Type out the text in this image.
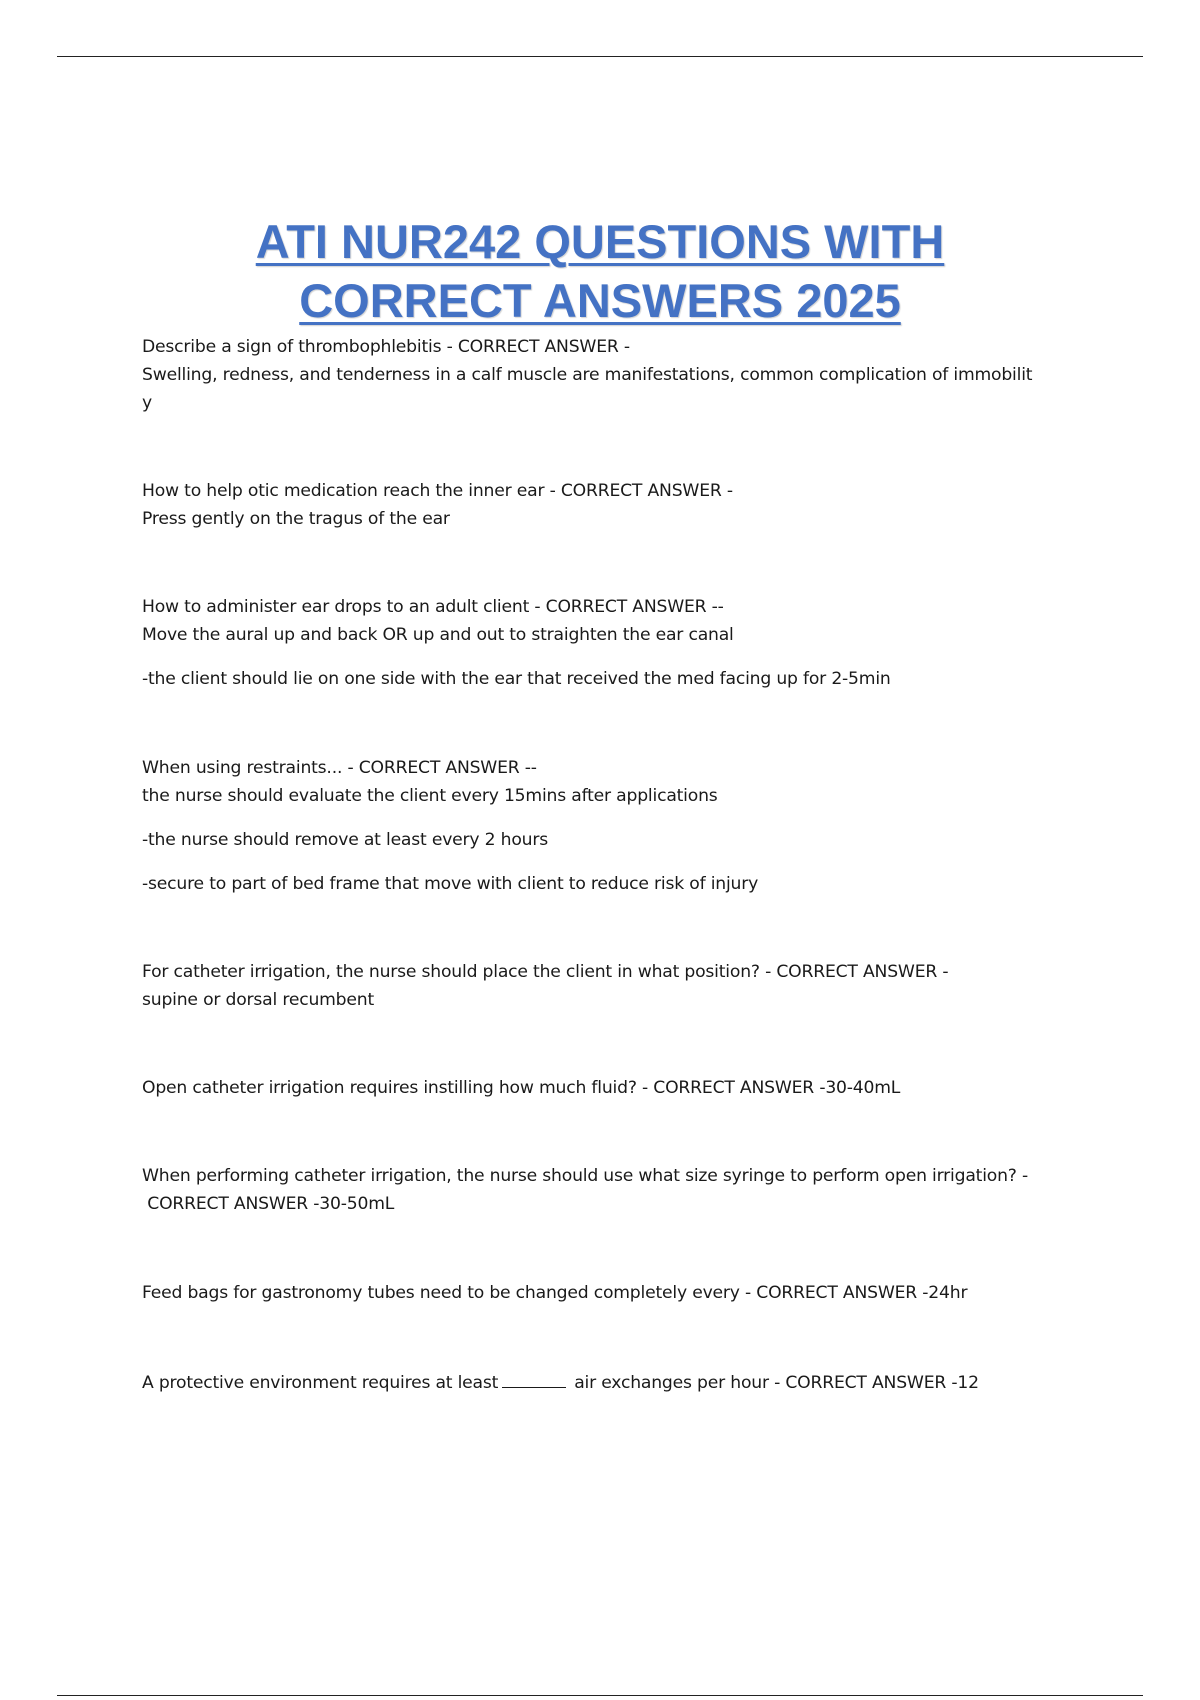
ATI NUR242 QUESTIONS WITH
CORRECT ANSWERS 2025
Describe a sign of thrombophlebitis - CORRECT ANSWER -
Swelling, redness, and tenderness in a calf muscle are manifestations, common complication of immobilit
y
How to help otic medication reach the inner ear - CORRECT ANSWER -
Press gently on the tragus of the ear
How to administer ear drops to an adult client - CORRECT ANSWER --
Move the aural up and back OR up and out to straighten the ear canal
-the client should lie on one side with the ear that received the med facing up for 2-5min
When using restraints... - CORRECT ANSWER --
the nurse should evaluate the client every 15mins after applications
-the nurse should remove at least every 2 hours
-secure to part of bed frame that move with client to reduce risk of injury
For catheter irrigation, the nurse should place the client in what position? - CORRECT ANSWER -
supine or dorsal recumbent
Open catheter irrigation requires instilling how much fluid? - CORRECT ANSWER -30-40mL
When performing catheter irrigation, the nurse should use what size syringe to perform open irrigation? -
CORRECT ANSWER -30-50mL
Feed bags for gastronomy tubes need to be changed completely every - CORRECT ANSWER -24hr
A protective environment requires at least	air exchanges per hour - CORRECT ANSWER -12
